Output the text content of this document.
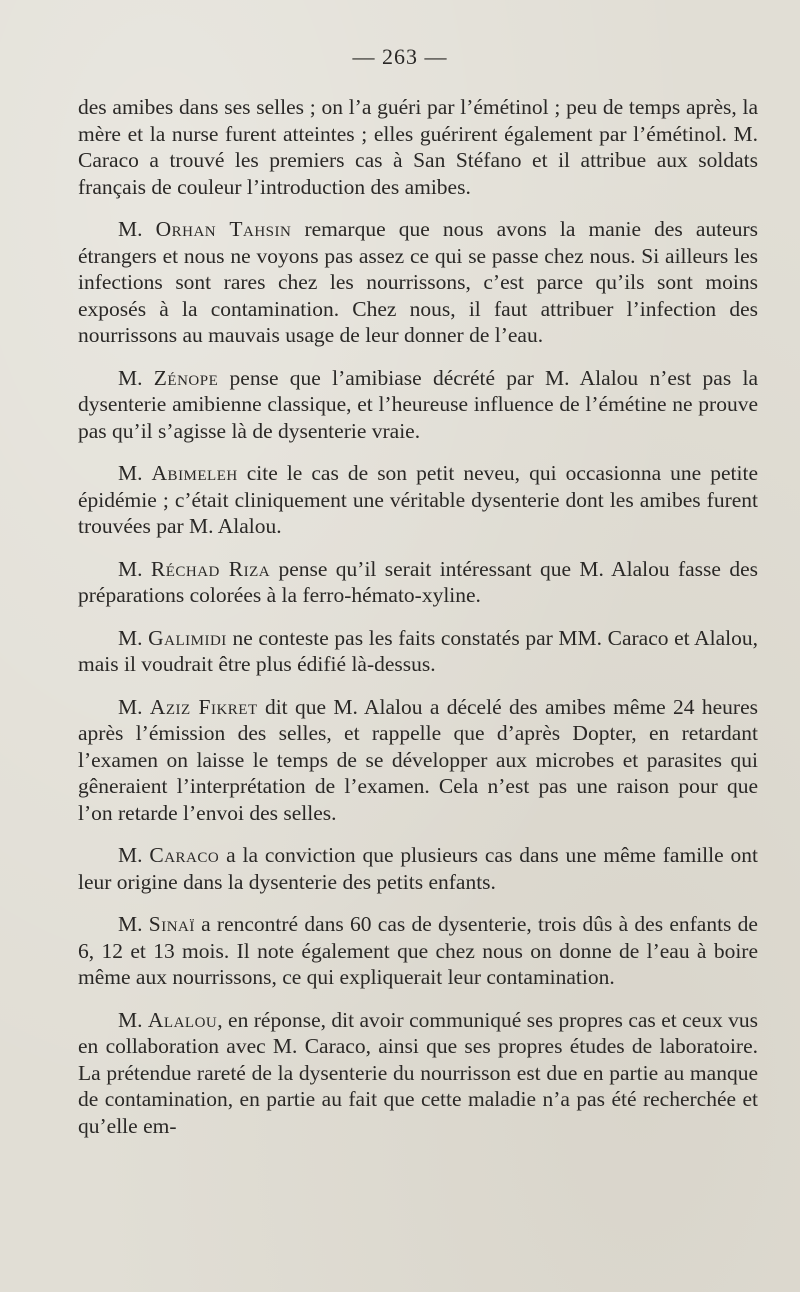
— 263 —

des amibes dans ses selles ; on l’a guéri par l’émétinol ; peu de temps après, la mère et la nurse furent atteintes ; elles guérirent également par l’émétinol. M. Caraco a trouvé les premiers cas à San Stéfano et il attribue aux soldats français de couleur l’introduction des amibes.

M. Orhan Tahsin remarque que nous avons la manie des auteurs étrangers et nous ne voyons pas assez ce qui se passe chez nous. Si ailleurs les infections sont rares chez les nourrissons, c’est parce qu’ils sont moins exposés à la contamination. Chez nous, il faut attribuer l’infection des nourrissons au mauvais usage de leur donner de l’eau.

M. Zénope pense que l’amibiase décrété par M. Alalou n’est pas la dysenterie amibienne classique, et l’heureuse influence de l’émétine ne prouve pas qu’il s’agisse là de dysenterie vraie.

M. Abimeleh cite le cas de son petit neveu, qui occasionna une petite épidémie ; c’était cliniquement une véritable dysenterie dont les amibes furent trouvées par M. Alalou.

M. Réchad Riza pense qu’il serait intéressant que M. Alalou fasse des préparations colorées à la ferro-hémato-xyline.

M. Galimidi ne conteste pas les faits constatés par MM. Caraco et Alalou, mais il voudrait être plus édifié là-dessus.

M. Aziz Fikret dit que M. Alalou a décelé des amibes même 24 heures après l’émission des selles, et rappelle que d’après Dopter, en retardant l’examen on laisse le temps de se développer aux microbes et parasites qui gêneraient l’interprétation de l’examen. Cela n’est pas une raison pour que l’on retarde l’envoi des selles.

M. Caraco a la conviction que plusieurs cas dans une même famille ont leur origine dans la dysenterie des petits enfants.

M. Sinaï a rencontré dans 60 cas de dysenterie, trois dûs à des enfants de 6, 12 et 13 mois. Il note également que chez nous on donne de l’eau à boire même aux nourrissons, ce qui expliquerait leur contamination.

M. Alalou, en réponse, dit avoir communiqué ses propres cas et ceux vus en collaboration avec M. Caraco, ainsi que ses propres études de laboratoire. La prétendue rareté de la dysenterie du nourrisson est due en partie au manque de contamination, en partie au fait que cette maladie n’a pas été recherchée et qu’elle em-
